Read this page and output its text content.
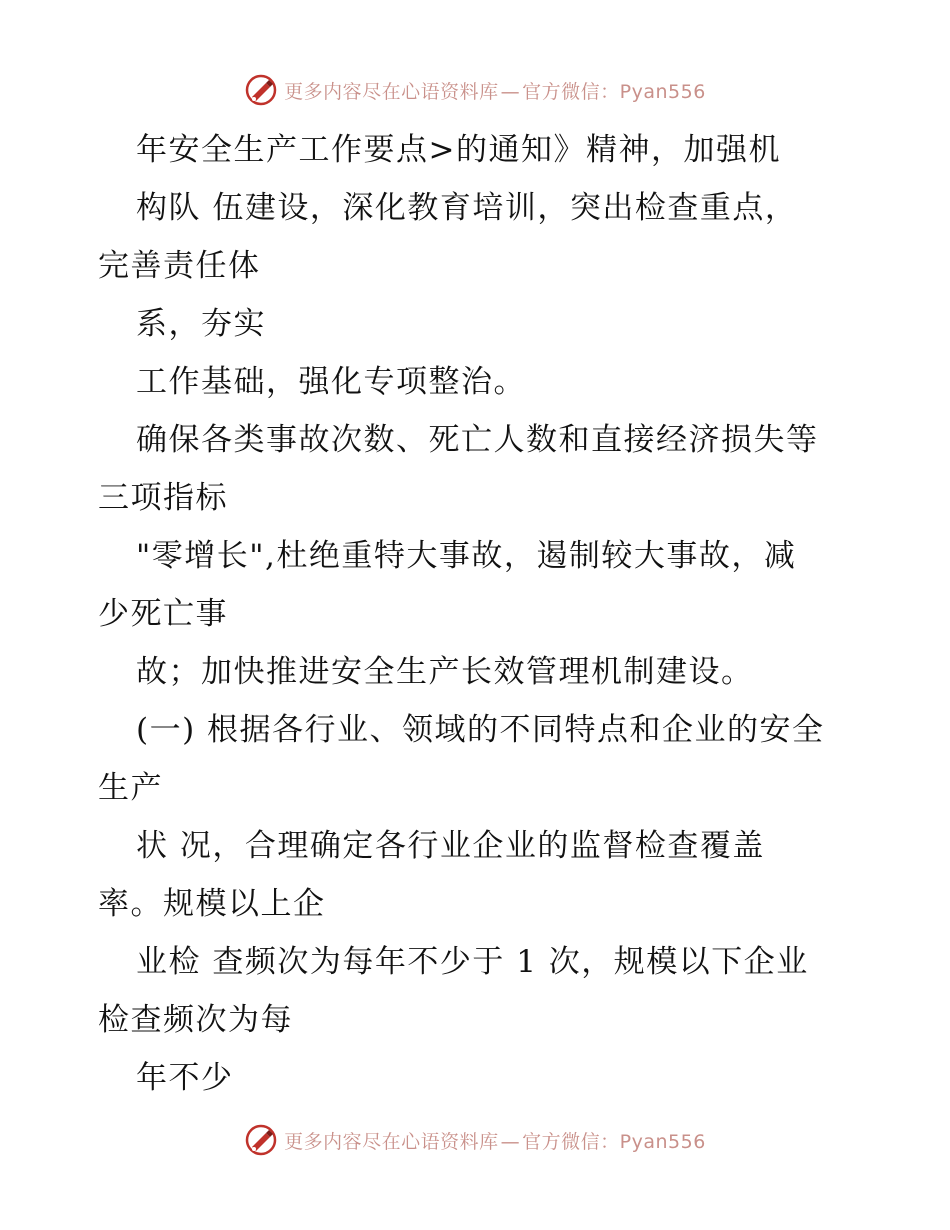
更多内容尽在心语资料库 — 官方微信：Pyan556
年安全生产工作要点>的通知》精神，加强机
构队 伍建设，深化教育培训，突出检查重点，
完善责任体
系，夯实
工作基础，强化专项整治。
确保各类事故次数、死亡人数和直接经济损失等
三项指标
"零增长",杜绝重特大事故，遏制较大事故，减
少死亡事
故；加快推进安全生产长效管理机制建设。
(一) 根据各行业、领域的不同特点和企业的安全
生产
状 况，合理确定各行业企业的监督检查覆盖
率。规模以上企
业检 查频次为每年不少于 1 次，规模以下企业
检查频次为每
年不少
更多内容尽在心语资料库 — 官方微信：Pyan556
